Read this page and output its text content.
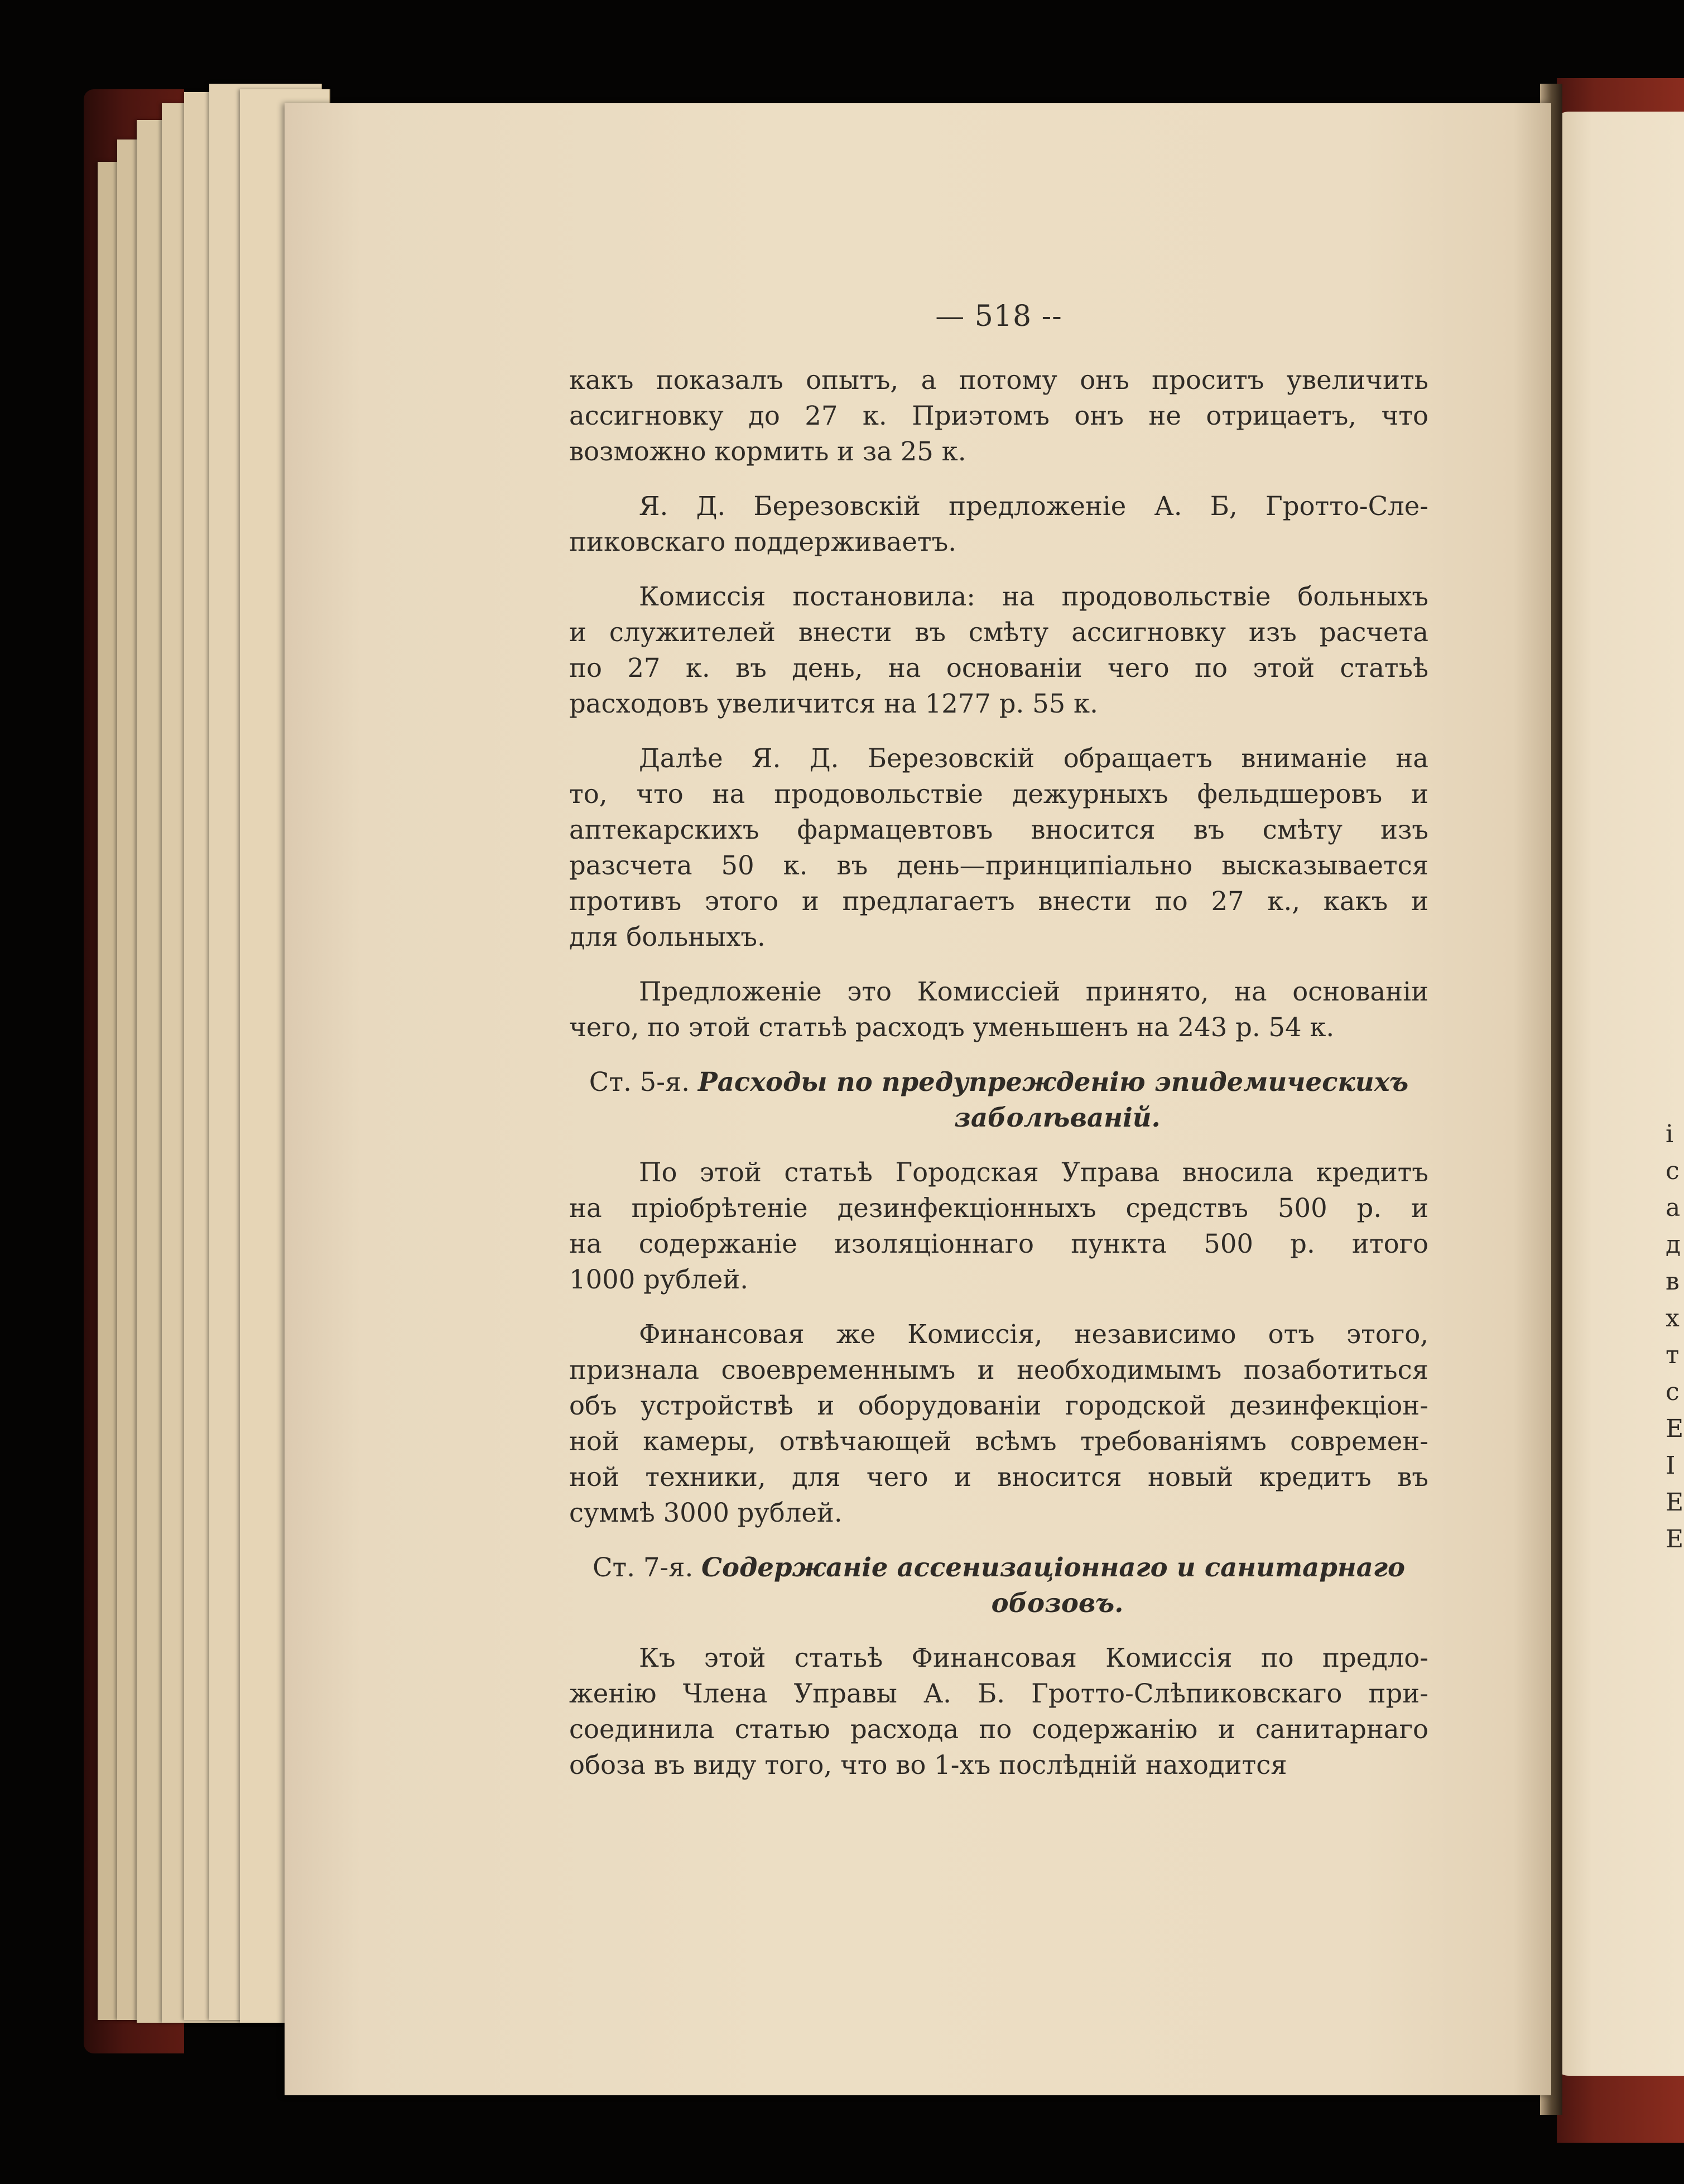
— 518 --
какъ показалъ опытъ, а потому онъ проситъ увеличить
ассигновку до 27 к. Приэтомъ онъ не отрицаетъ, что
возможно кормить и за 25 к.
Я. Д. Березовскій предложеніе А. Б, Гротто-Сле-
пиковскаго поддерживаетъ.
Комиссія постановила: на продовольствіе больныхъ
и служителей внести въ смѣту ассигновку изъ расчета
по 27 к. въ день, на основаніи чего по этой статьѣ
расходовъ увеличится на 1277 р. 55 к.
Далѣе Я. Д. Березовскій обращаетъ вниманіе на
то, что на продовольствіе дежурныхъ фельдшеровъ и
аптекарскихъ фармацевтовъ вносится въ смѣту изъ
разсчета 50 к. въ день—принципіально высказывается
противъ этого и предлагаетъ внести по 27 к., какъ и
для больныхъ.
Предложеніе это Комиссіей принято, на основаніи
чего, по этой статьѣ расходъ уменьшенъ на 243 р. 54 к.
Ст. 5-я. Расходы по предупрежденію эпидемическихъ
заболѣваній.
По этой статьѣ Городская Управа вносила кредитъ
на пріобрѣтеніе дезинфекціонныхъ средствъ 500 р. и
на содержаніе изоляціоннаго пункта 500 р. итого
1000 рублей.
Финансовая же Комиссія, независимо отъ этого,
признала своевременнымъ и необходимымъ позаботиться
объ устройствѣ и оборудованіи городской дезинфекціон-
ной камеры, отвѣчающей всѣмъ требованіямъ современ-
ной техники, для чего и вносится новый кредитъ въ
суммѣ 3000 рублей.
Ст. 7-я. Содержаніе ассенизаціоннаго и санитарнаго
обозовъ.
Къ этой статьѣ Финансовая Комиссія по предло-
женію Члена Управы А. Б. Гротто-Слѣпиковскаго при-
соединила статью расхода по содержанію и санитарнаго
обоза въ виду того, что во 1-хъ послѣдній находится
і
с
а
д
в
х
т
с
Е
І
Е
Е
